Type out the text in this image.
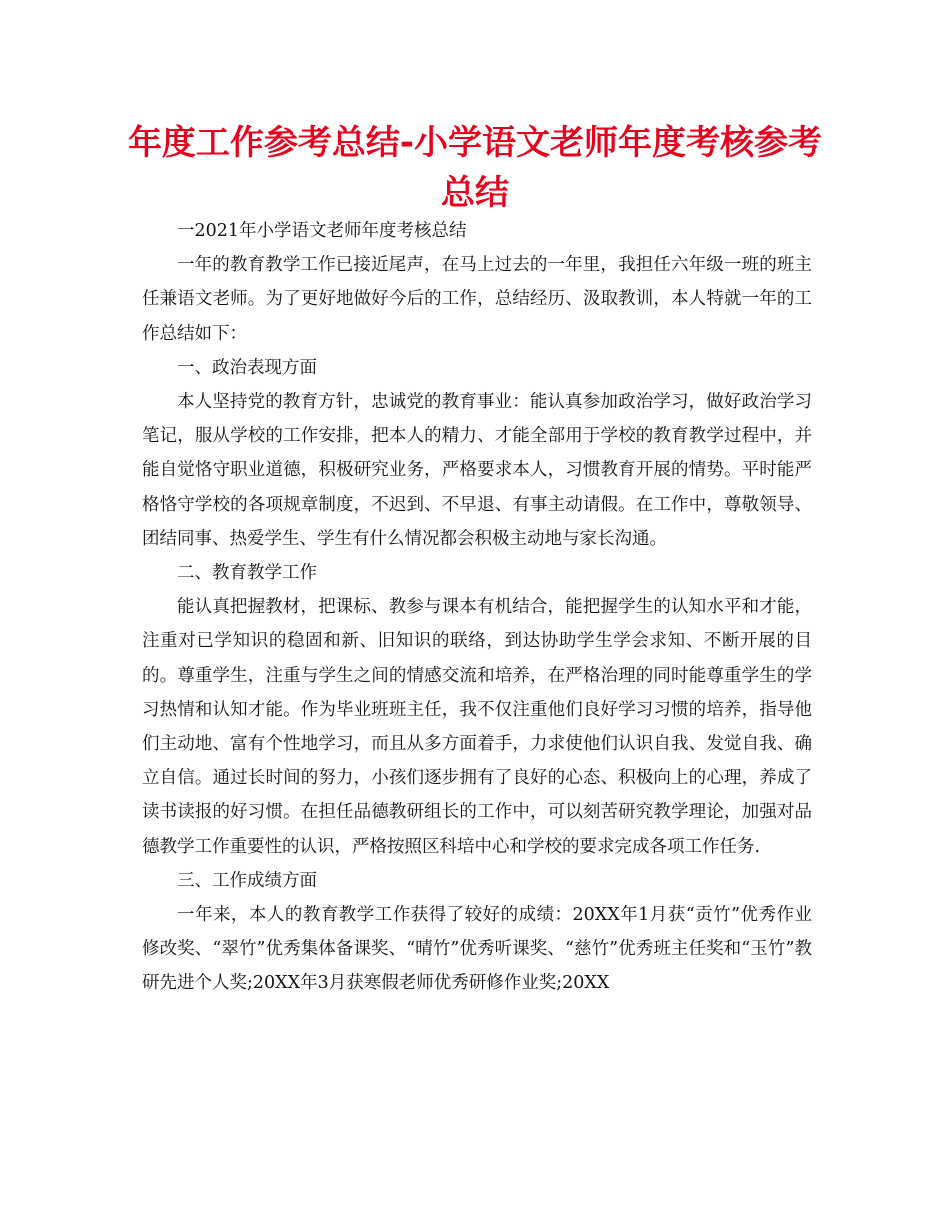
年度工作参考总结-小学语文老师年度考核参考总结

一2021年小学语文老师年度考核总结

一年的教育教学工作已接近尾声，在马上过去的一年里，我担任六年级一班的班主任兼语文老师。为了更好地做好今后的工作，总结经历、汲取教训，本人特就一年的工作总结如下：

一、政治表现方面

本人坚持党的教育方针，忠诚党的教育事业：能认真参加政治学习，做好政治学习笔记，服从学校的工作安排，把本人的精力、才能全部用于学校的教育教学过程中，并能自觉恪守职业道德，积极研究业务，严格要求本人，习惯教育开展的情势。平时能严格恪守学校的各项规章制度，不迟到、不早退、有事主动请假。在工作中，尊敬领导、团结同事、热爱学生、学生有什么情况都会积极主动地与家长沟通。

二、教育教学工作

能认真把握教材，把课标、教参与课本有机结合，能把握学生的认知水平和才能，注重对已学知识的稳固和新、旧知识的联络，到达协助学生学会求知、不断开展的目的。尊重学生，注重与学生之间的情感交流和培养，在严格治理的同时能尊重学生的学习热情和认知才能。作为毕业班班主任，我不仅注重他们良好学习习惯的培养，指导他们主动地、富有个性地学习，而且从多方面着手，力求使他们认识自我、发觉自我、确立自信。通过长时间的努力，小孩们逐步拥有了良好的心态、积极向上的心理，养成了读书读报的好习惯。在担任品德教研组长的工作中，可以刻苦研究教学理论，加强对品德教学工作重要性的认识，严格按照区科培中心和学校的要求完成各项工作任务.

三、工作成绩方面

一年来，本人的教育教学工作获得了较好的成绩：20XX年1月获“贡竹”优秀作业修改奖、“翠竹”优秀集体备课奖、“晴竹”优秀听课奖、“慈竹”优秀班主任奖和“玉竹”教研先进个人奖;20XX年3月获寒假老师优秀研修作业奖;20XX
